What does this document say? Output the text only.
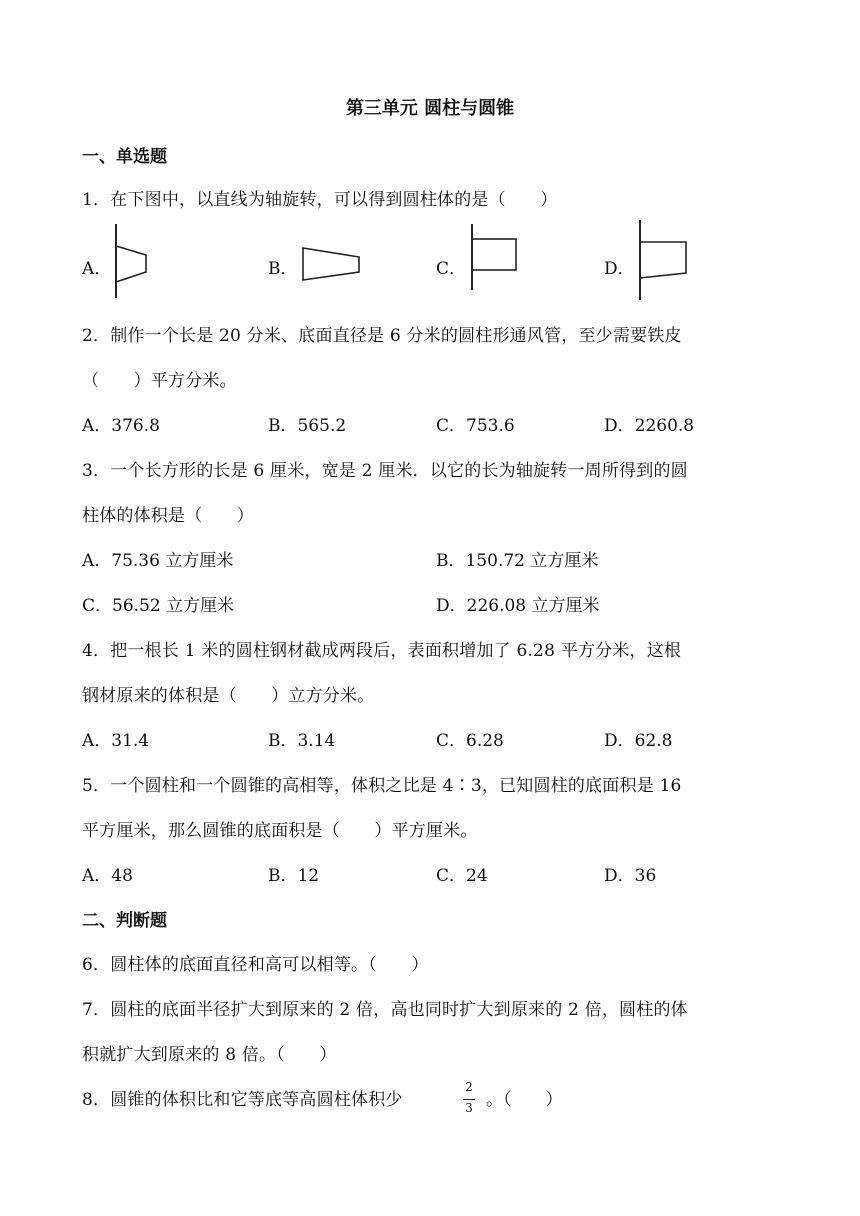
第三单元 圆柱与圆锥
一、单选题
1．在下图中，以直线为轴旋转，可以得到圆柱体的是（　　）
A．	B．	C．	D．
2．制作一个长是 20 分米、底面直径是 6 分米的圆柱形通风管，至少需要铁皮
（　　）平方分米。
A．376.8	B．565.2	C．753.6	D．2260.8
3．一个长方形的长是 6 厘米，宽是 2 厘米．以它的长为轴旋转一周所得到的圆
柱体的体积是（　　）
A．75.36 立方厘米	B．150.72 立方厘米
C．56.52 立方厘米	D．226.08 立方厘米
4．把一根长 1 米的圆柱钢材截成两段后，表面积增加了 6.28 平方分米，这根
钢材原来的体积是（　　）立方分米。
A．31.4	B．3.14	C．6.28	D．62.8
5．一个圆柱和一个圆锥的高相等，体积之比是 4∶3，已知圆柱的底面积是 16
平方厘米，那么圆锥的底面积是（　　）平方厘米。
A．48	B．12	C．24	D．36
二、判断题
6．圆柱体的底面直径和高可以相等。（　　）
7．圆柱的底面半径扩大到原来的 2 倍，高也同时扩大到原来的 2 倍，圆柱的体
积就扩大到原来的 8 倍。（　　）
8．圆锥的体积比和它等底等高圆柱体积少
2
3 。（　　）
